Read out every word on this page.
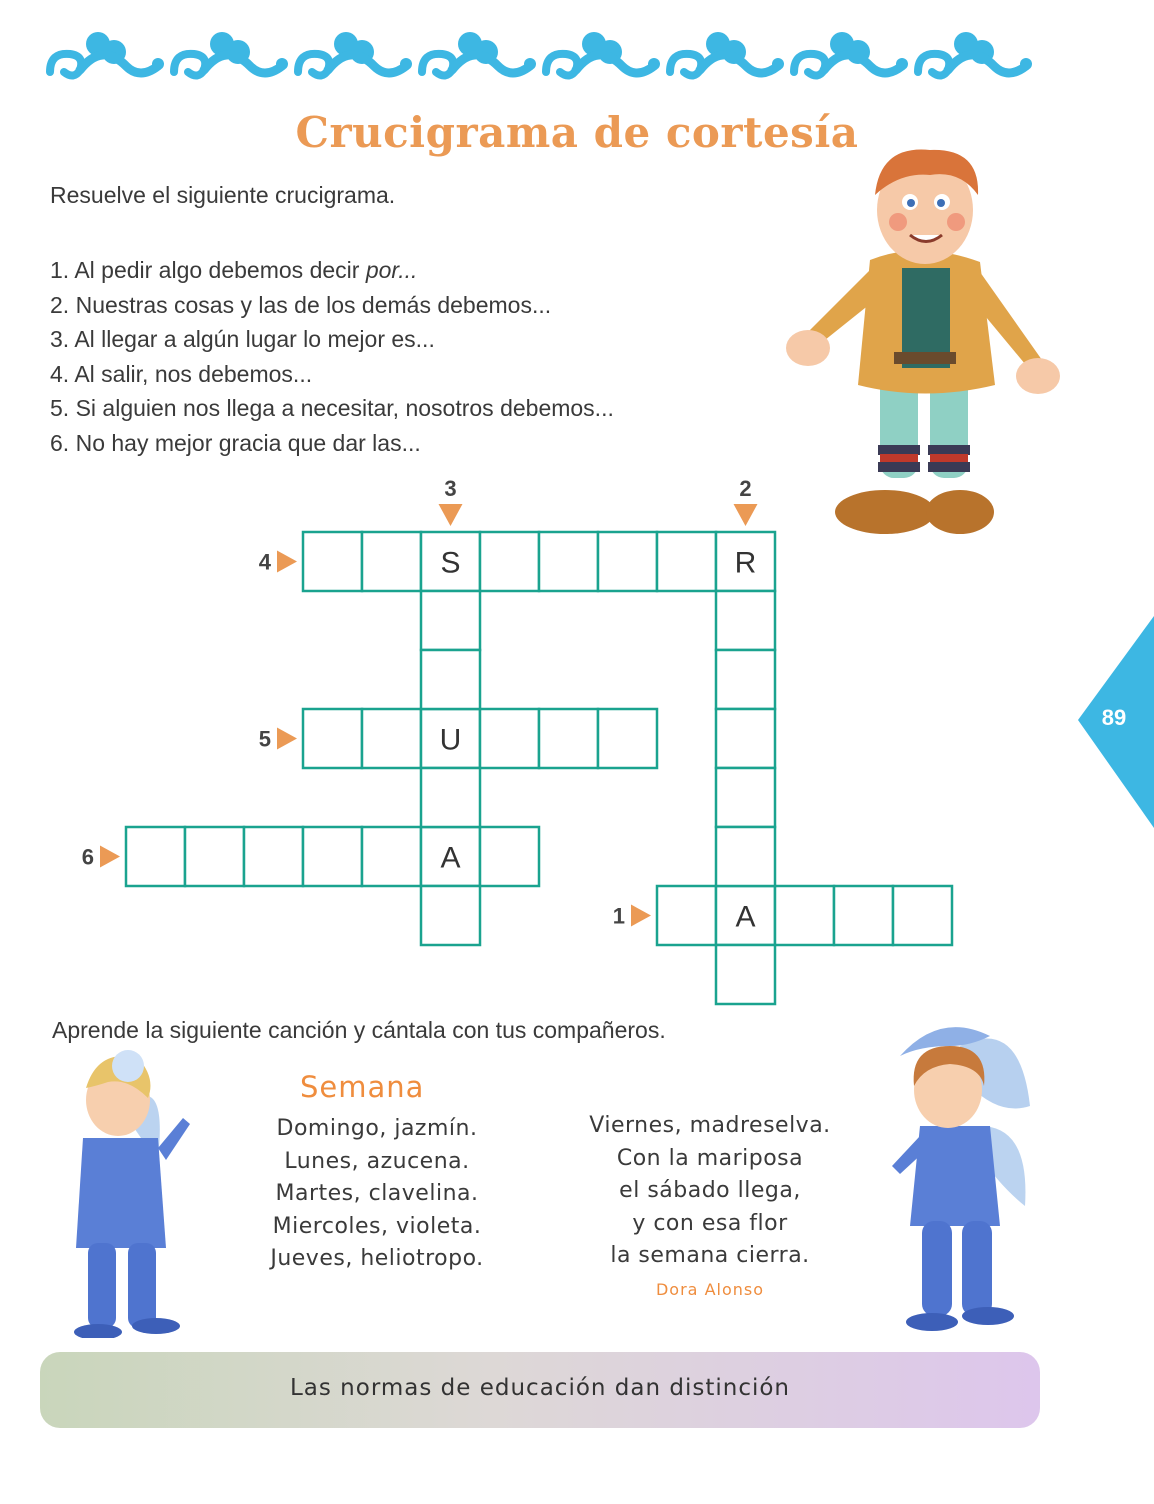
Crucigrama de cortesía
Resuelve el siguiente crucigrama.
1. Al pedir algo debemos decir por...
2. Nuestras cosas y las de los demás debemos...
3. Al llegar a algún lugar lo mejor es...
4. Al salir, nos debemos...
5. Si alguien nos llega a necesitar, nosotros debemos...
6. No hay mejor gracia que dar las...
S	R
U
A
A
4
5
6
1
3	2
89
Aprende la siguiente canción y cántala con tus compañeros.
Semana
Domingo, jazmín.
Lunes, azucena.
Martes, clavelina.
Miercoles, violeta.
Jueves, heliotropo.
Viernes, madreselva.
Con la mariposa
el sábado llega,
y con esa flor
la semana cierra.
Dora Alonso
Las normas de educación dan distinción
